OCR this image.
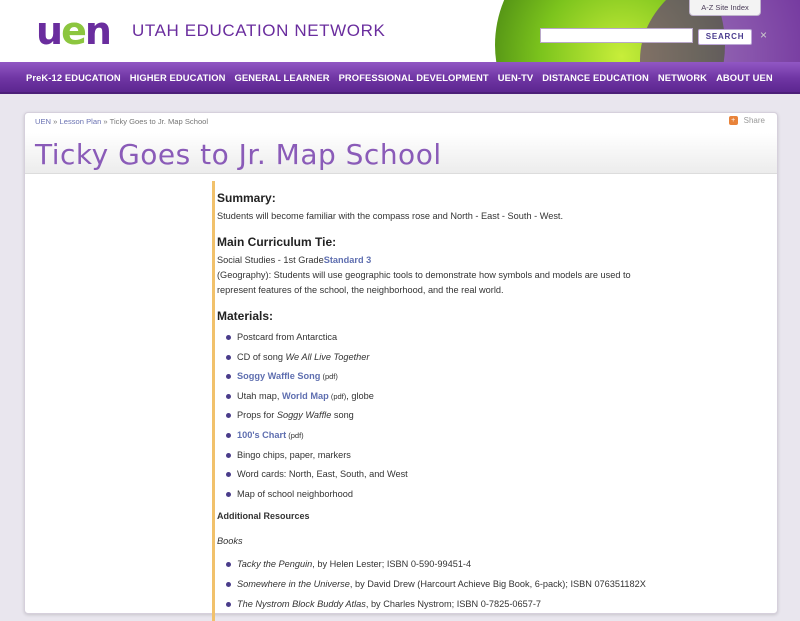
uen UTAH EDUCATION NETWORK
A-Z Site Index
SEARCH	×
PreK-12 EDUCATION HIGHER EDUCATION GENERAL LEARNER PROFESSIONAL DEVELOPMENT UEN-TV DISTANCE EDUCATION NETWORK ABOUT UEN
UEN » Lesson Plan » Ticky Goes to Jr. Map School	+	Share
Ticky Goes to Jr. Map School
Summary:

Students will become familiar with the compass rose and North - East - South - West.

Main Curriculum Tie:

Social Studies - 1st GradeStandard 3

(Geography): Students will use geographic tools to demonstrate how symbols and models are used to

represent features of the school, the neighborhood, and the real world.

Materials:
Postcard from Antarctica
CD of song We All Live Together
Soggy Waffle Song (pdf)
Utah map, World Map (pdf), globe
Props for Soggy Waffle song
100's Chart (pdf)
Bingo chips, paper, markers
Word cards: North, East, South, and West
Map of school neighborhood
Additional Resources
Books
Tacky the Penguin, by Helen Lester; ISBN 0-590-99451-4
Somewhere in the Universe, by David Drew (Harcourt Achieve Big Book, 6-pack); ISBN 076351182X
The Nystrom Block Buddy Atlas, by Charles Nystrom; ISBN 0-7825-0657-7
